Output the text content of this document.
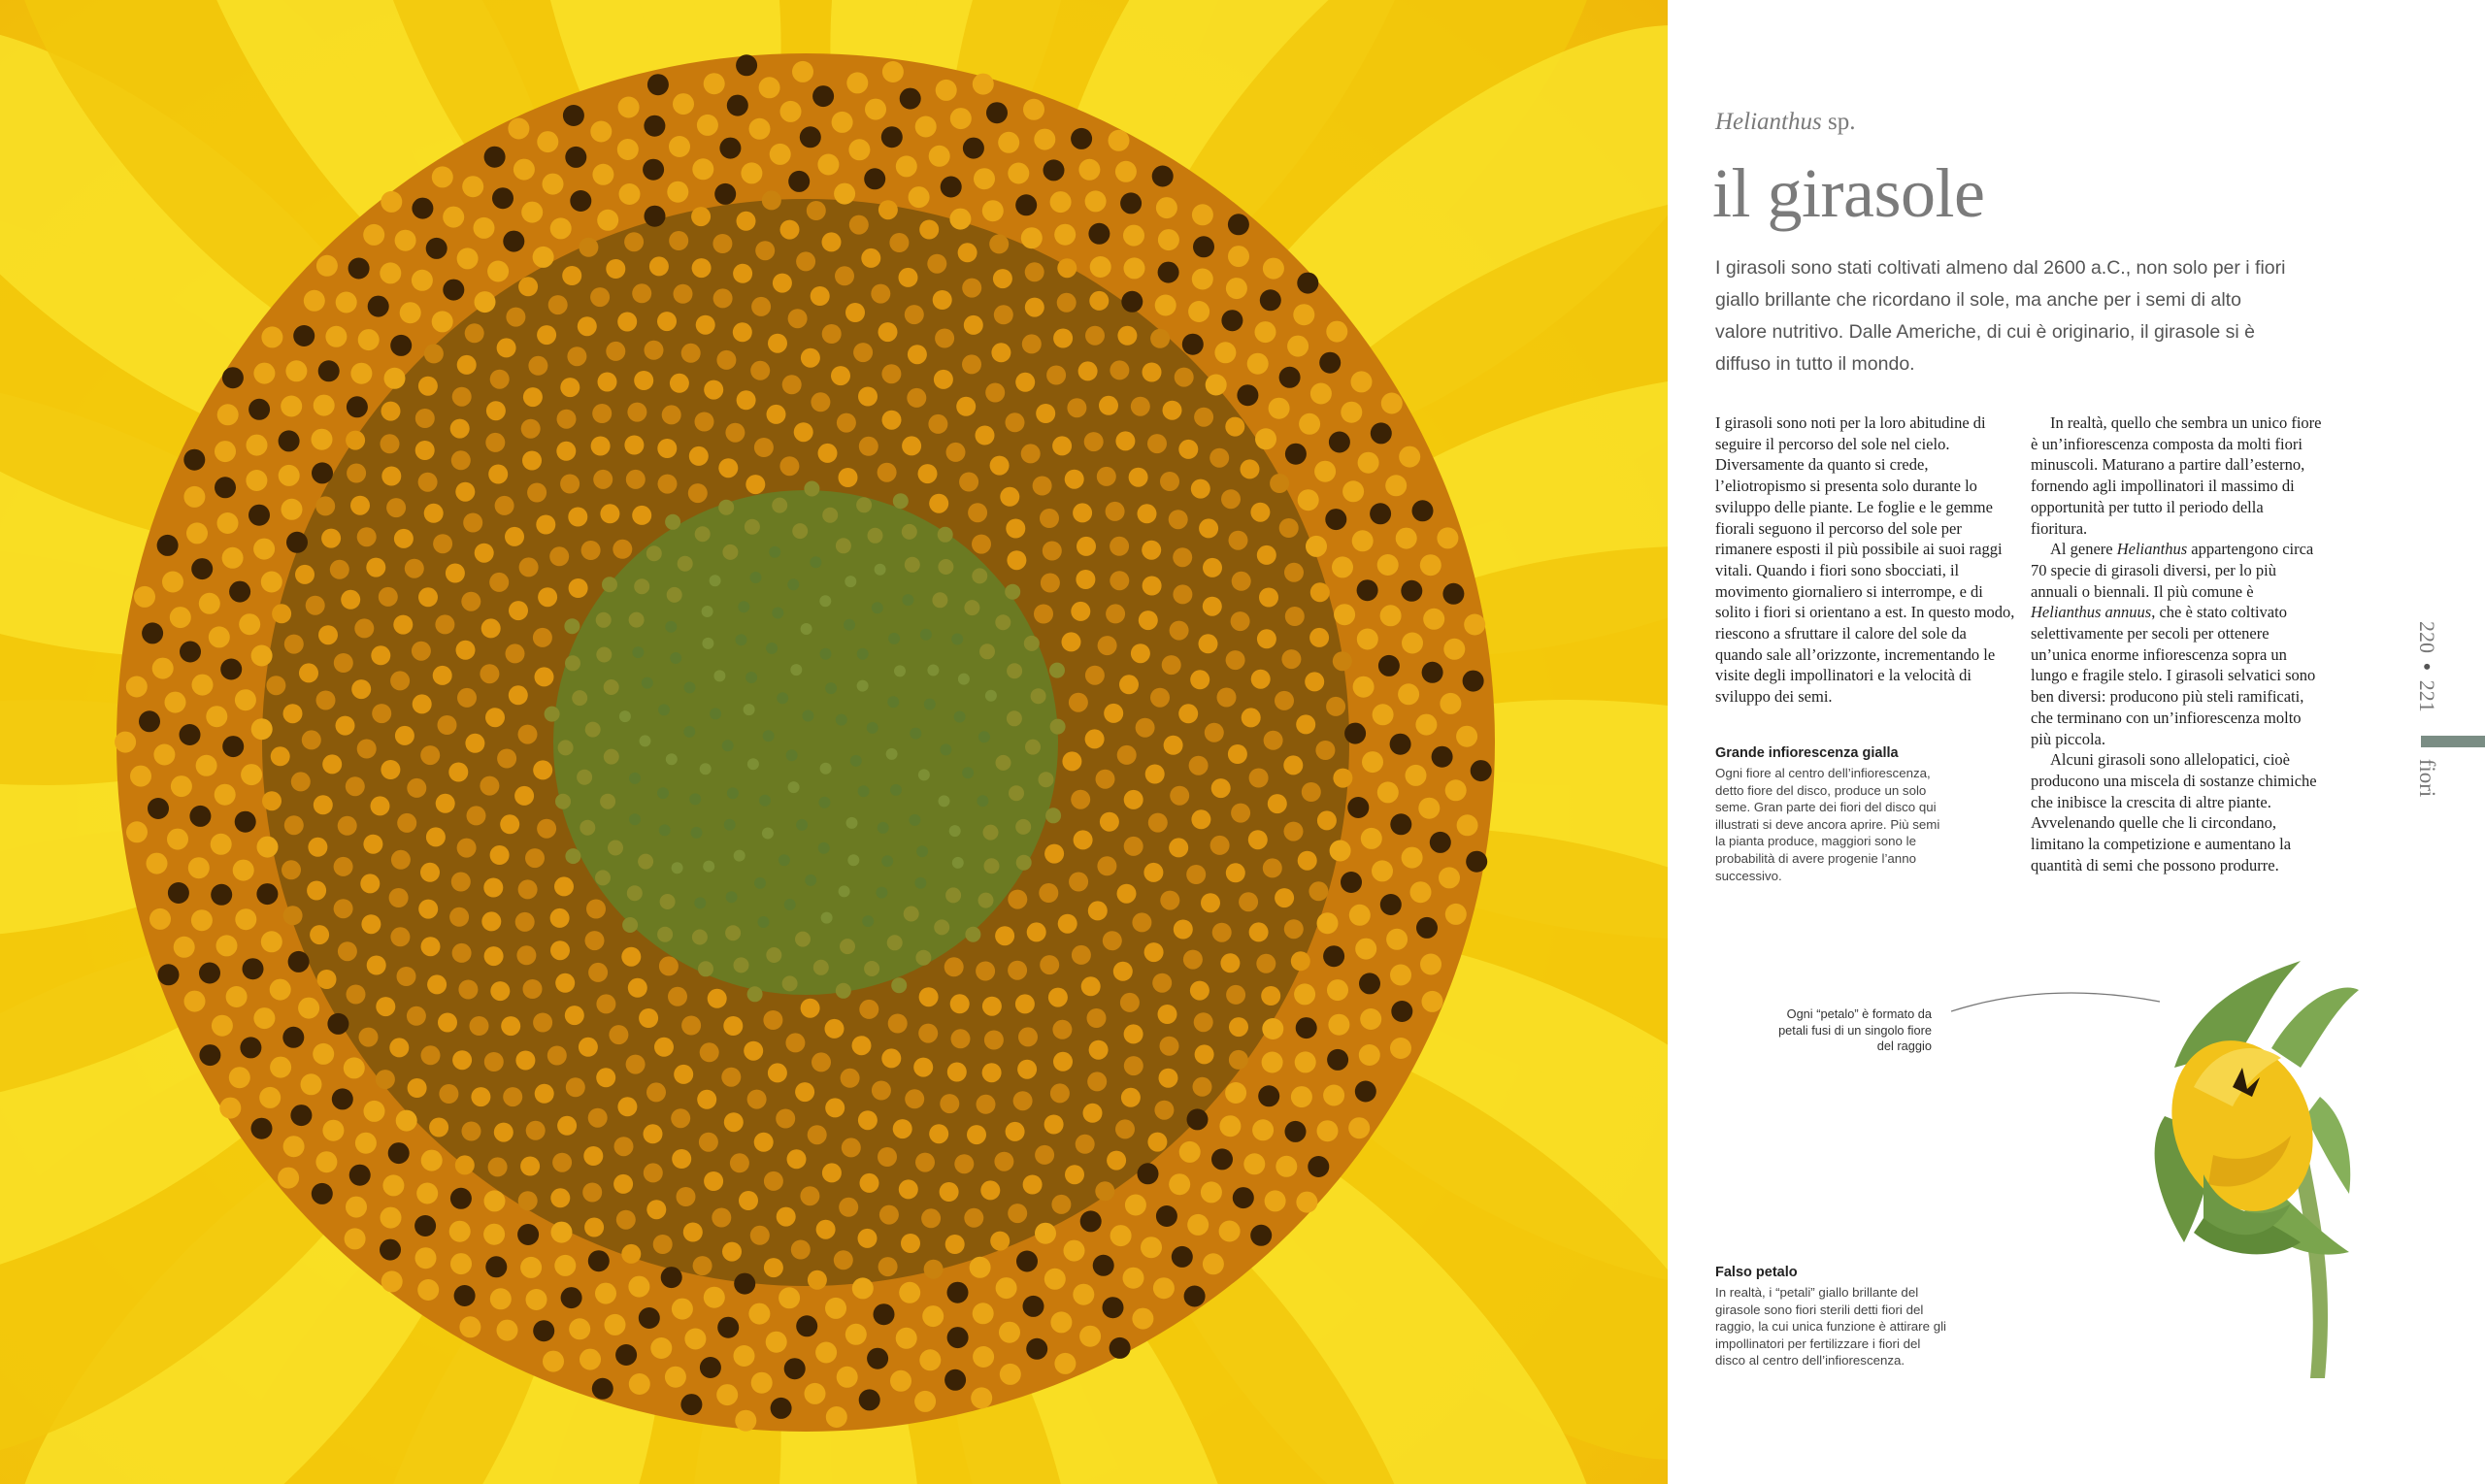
Helianthus sp.
il girasole
I girasoli sono stati coltivati almeno dal 2600 a.C., non solo per i fiori giallo brillante che ricordano il sole, ma anche per i semi di alto valore nutritivo. Dalle Americhe, di cui è originario, il girasole si è diffuso in tutto il mondo.

I girasoli sono noti per la loro abitudine di seguire il percorso del sole nel cielo. Diversamente da quanto si crede, l’eliotropismo si presenta solo durante lo sviluppo delle piante. Le foglie e le gemme fiorali seguono il percorso del sole per rimanere esposti il più possibile ai suoi raggi vitali. Quando i fiori sono sbocciati, il movimento giornaliero si interrompe, e di solito i fiori si orientano a est. In questo modo, riescono a sfruttare il calore del sole da quando sale all’orizzonte, incrementando le visite degli impollinatori e la velocità di sviluppo dei semi.

In realtà, quello che sembra un unico fiore è un’infiorescenza composta da molti fiori minuscoli. Maturano a partire dall’esterno, fornendo agli impollinatori il massimo di opportunità per tutto il periodo della fioritura.

Al genere Helianthus appartengono circa 70 specie di girasoli diversi, per lo più annuali o biennali. Il più comune è Helianthus annuus, che è stato coltivato selettivamente per secoli per ottenere un’unica enorme infiorescenza sopra un lungo e fragile stelo. I girasoli selvatici sono ben diversi: producono più steli ramificati, che terminano con un’infiorescenza molto più piccola.

Alcuni girasoli sono allelopatici, cioè producono una miscela di sostanze chimiche che inibisce la crescita di altre piante. Avvelenando quelle che li circondano, limitano la competizione e aumentano la quantità di semi che possono produrre.

Grande infiorescenza gialla
Ogni fiore al centro dell’infiorescenza, detto fiore del disco, produce un solo seme. Gran parte dei fiori del disco qui illustrati si deve ancora aprire. Più semi la pianta produce, maggiori sono le probabilità di avere progenie l’anno successivo.
Ogni “petalo” è formato da petali fusi di un singolo fiore del raggio
Falso petalo
In realtà, i “petali” giallo brillante del girasole sono fiori sterili detti fiori del raggio, la cui unica funzione è attirare gli impollinatori per fertilizzare i fiori del disco al centro dell’infiorescenza.
220
•
221
fiori
